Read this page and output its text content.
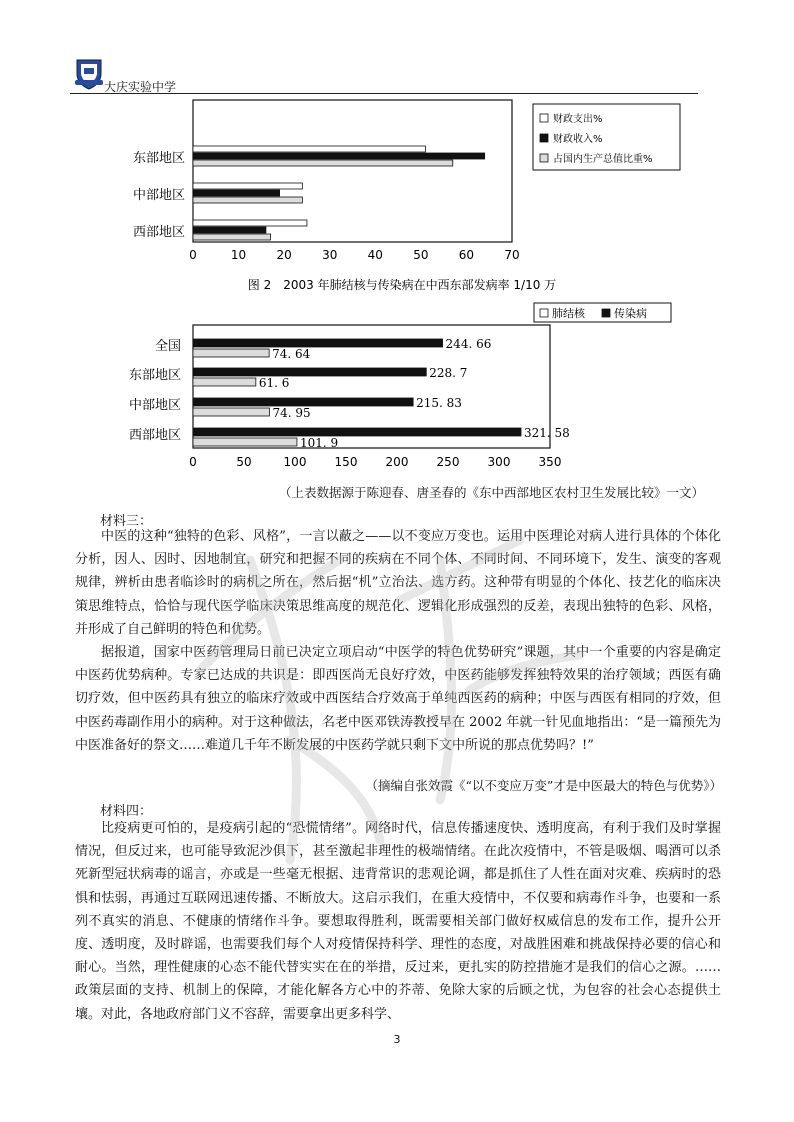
大庆实验中学
0	10	20	30	40	50	60	70
东部地区
中部地区
西部地区
财政支出%
财政收入%
占国内生产总值比重%
图 2　2003 年肺结核与传染病在中西东部发病率 1/10 万
0	50	100 150 200 250 300 350
全国	244. 66
74. 64
东部地区	228. 7
61. 6
中部地区	215. 83
74. 95
西部地区	321. 58
101. 9
肺结核	传染病
（上表数据源于陈迎春、唐圣春的《东中西部地区农村卫生发展比较》一文）
材料三：

中医的这种“独特的色彩、风格”，一言以蔽之——以不变应万变也。运用中医理论对病人进行具体的个体化分析，因人、因时、因地制宜，研究和把握不同的疾病在不同个体、不同时间、不同环境下，发生、演变的客观规律，辨析由患者临诊时的病机之所在，然后据“机”立治法、选方药。这种带有明显的个体化、技艺化的临床决策思维特点，恰恰与现代医学临床决策思维高度的规范化、逻辑化形成强烈的反差，表现出独特的色彩、风格，并形成了自己鲜明的特色和优势。

据报道，国家中医药管理局日前已决定立项启动“中医学的特色优势研究”课题，其中一个重要的内容是确定中医药优势病种。专家已达成的共识是：即西医尚无良好疗效，中医药能够发挥独特效果的治疗领域；西医有确切疗效，但中医药具有独立的临床疗效或中西医结合疗效高于单纯西医药的病种；中医与西医有相同的疗效，但中医药毒副作用小的病种。对于这种做法，名老中医邓铁涛教授早在 2002 年就一针见血地指出：“是一篇预先为中医准备好的祭文……难道几千年不断发展的中医药学就只剩下文中所说的那点优势吗？!”

（摘编自张效霞《“以不变应万变”才是中医最大的特色与优势》）
材料四：

比疫病更可怕的，是疫病引起的“恐慌情绪”。网络时代，信息传播速度快、透明度高，有利于我们及时掌握情况，但反过来，也可能导致泥沙俱下，甚至激起非理性的极端情绪。在此次疫情中，不管是吸烟、喝酒可以杀死新型冠状病毒的谣言，亦或是一些毫无根据、违背常识的悲观论调，都是抓住了人性在面对灾难、疾病时的恐惧和怯弱，再通过互联网迅速传播、不断放大。这启示我们，在重大疫情中，不仅要和病毒作斗争，也要和一系列不真实的消息、不健康的情绪作斗争。要想取得胜利，既需要相关部门做好权威信息的发布工作，提升公开度、透明度，及时辟谣，也需要我们每个人对疫情保持科学、理性的态度，对战胜困难和挑战保持必要的信心和耐心。当然，理性健康的心态不能代替实实在在的举措，反过来，更扎实的防控措施才是我们的信心之源。……政策层面的支持、机制上的保障，才能化解各方心中的芥蒂、免除大家的后顾之忧，为包容的社会心态提供土壤。对此，各地政府部门义不容辞，需要拿出更多科学、

3
